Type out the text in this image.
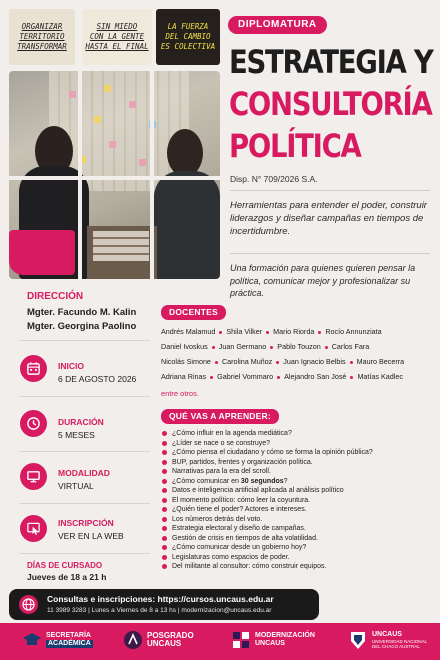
ORGANIZAR
TERRITORIO
TRANSFORMAR
SIN MIEDO
CON LA GENTE
HASTA EL FINAL
LA FUERZA
DEL CAMBIO
ES COLECTIVA
DIPLOMATURA
ESTRATEGIA Y
CONSULTORÍA
POLÍTICA
Disp. N° 709/2026 S.A.
Herramientas para entender el poder, construir liderazgos y diseñar campañas en tiempos de incertidumbre.
Una formación para quienes quieren pensar la política, comunicar mejor y profesionalizar su práctica.
DIRECCIÓN
Mgter. Facundo M. Kalin
Mgter. Georgina Paolino
INICIO
6 DE AGOSTO 2026
DURACIÓN
5 MESES
MODALIDAD
VIRTUAL
INSCRIPCIÓN
VER EN LA WEB
DÍAS DE CURSADO
Jueves de 18 a 21 h
DOCENTES
Andrés Malamud Shila Vilker Mario Riorda Rocío Annunziata
Daniel Ivoskus Juan Germano Pablo Touzon Carlos Fara
Nicolás Simone Carolina Muñoz Juan Ignacio Belbis Mauro Becerra
Adriana Rinas Gabriel Vommaro Alejandro San José Matías Kadlec
entre otros.
QUÉ VAS A APRENDER:
¿Cómo influir en la agenda mediática?
¿Líder se nace o se construye?
¿Cómo piensa el ciudadano y cómo se forma la opinión pública?
BUP, partidos, frentes y organización política.
Narrativas para la era del scroll.
¿Cómo comunicar en 30 segundos?
Datos e inteligencia artificial aplicada al análisis político
El momento político: cómo leer la coyuntura.
¿Quién tiene el poder? Actores e intereses.
Los números detrás del voto.
Estrategia electoral y diseño de campañas.
Gestión de crisis en tiempos de alta volatilidad.
¿Cómo comunicar desde un gobierno hoy?
Legislaturas como espacios de poder.
Del militante al consultor: cómo construir equipos.
Consultas e inscripciones: https://cursos.uncaus.edu.ar
11 3989 3283 | Lunes a Viernes de 8 a 13 hs | modernizacion@uncaus.edu.ar
SECRETARÍA
ACADÉMICA
POSGRADO
UNCAUS
MODERNIZACIÓN
UNCAUS
UNCAUS
UNIVERSIDAD NACIONAL DEL CHACO AUSTRAL
